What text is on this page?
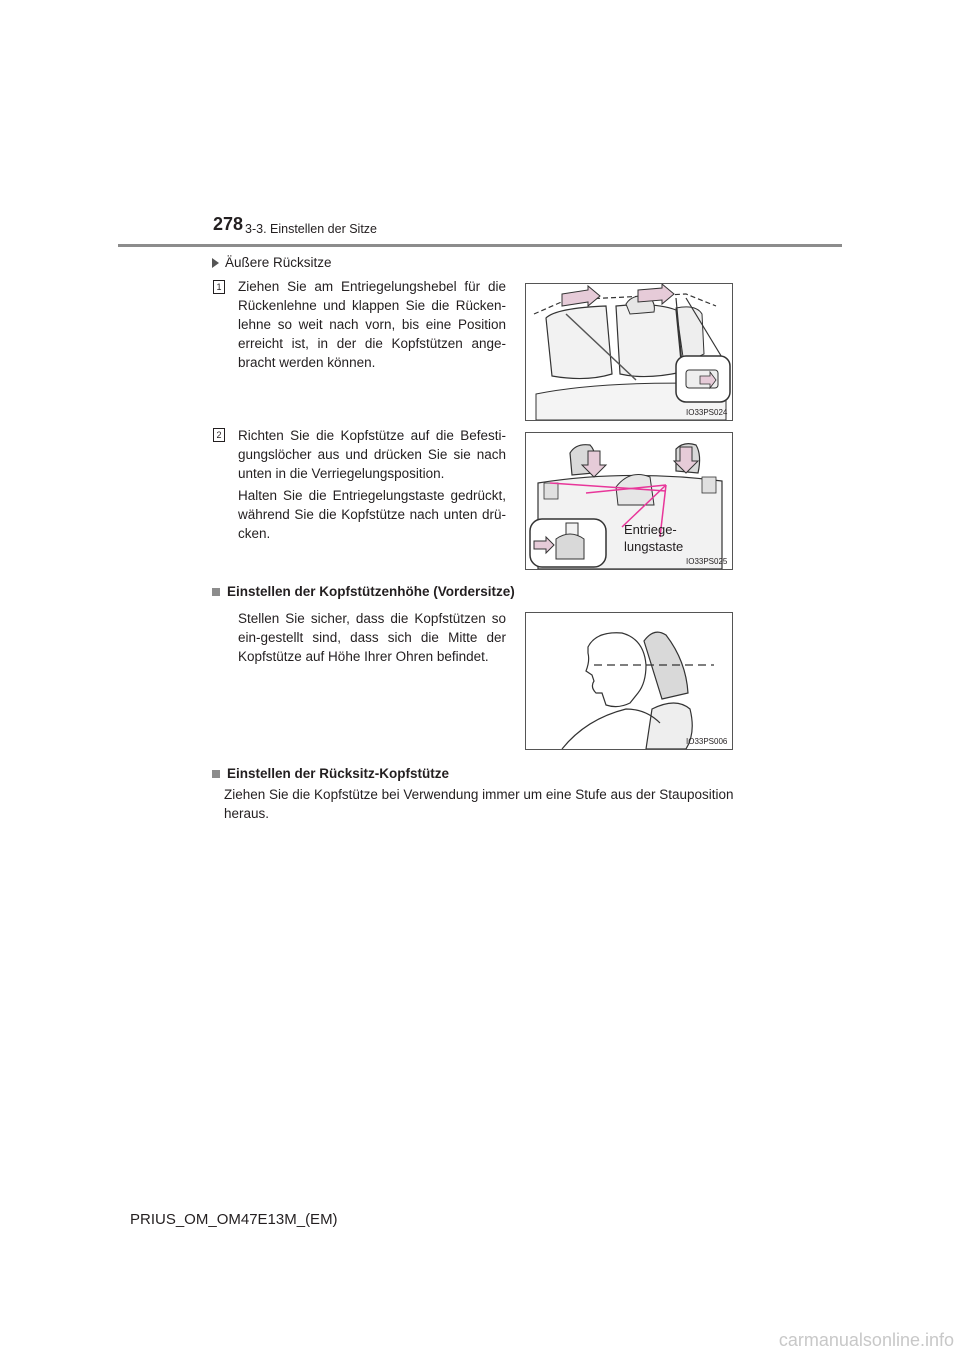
278 3-3. Einstellen der Sitze
Äußere Rücksitze
1 Ziehen Sie am Entriegelungshebel für die Rückenlehne und klappen Sie die Rücken-lehne so weit nach vorn, bis eine Position erreicht ist, in der die Kopfstützen ange-bracht werden können.
IO33PS024
2 Richten Sie die Kopfstütze auf die Befesti-gungslöcher aus und drücken Sie sie nach unten in die Verriegelungsposition.
Halten Sie die Entriegelungstaste gedrückt, während Sie die Kopfstütze nach unten drü-cken.	Entriege-
lungstaste
IO33PS025
Einstellen der Kopfstützenhöhe (Vordersitze)
Stellen Sie sicher, dass die Kopfstützen so ein-gestellt sind, dass sich die Mitte der Kopfstütze auf Höhe Ihrer Ohren befindet.
IO33PS006
Einstellen der Rücksitz-Kopfstütze
Ziehen Sie die Kopfstütze bei Verwendung immer um eine Stufe aus der Stauposition heraus.
PRIUS_OM_OM47E13M_(EM)
carmanualsonline.info
